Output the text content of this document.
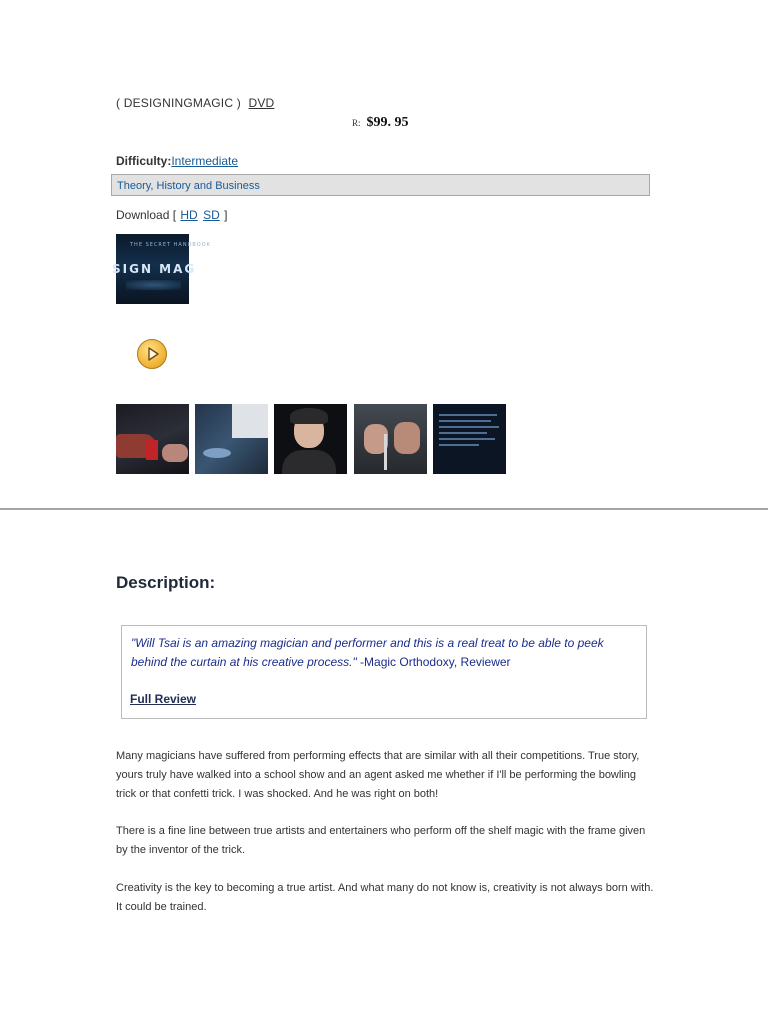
( DESIGNINGMAGIC ) DVD
R: $99. 95
Difficulty:Intermediate
Theory, History and Business
Download [ HD SD ]
THE SECRET HANDBOOK
SIGN MAG
Description:
"Will Tsai is an amazing magician and performer and this is a real treat to be able to peek behind the curtain at his creative process." -Magic Orthodoxy, Reviewer
Full Review
Many magicians have suffered from performing effects that are similar with all their competitions. True story, yours truly have walked into a school show and an agent asked me whether if I'll be performing the bowling trick or that confetti trick. I was shocked. And he was right on both!
There is a fine line between true artists and entertainers who perform off the shelf magic with the frame given by the inventor of the trick.
Creativity is the key to becoming a true artist. And what many do not know is, creativity is not always born with. It could be trained.
